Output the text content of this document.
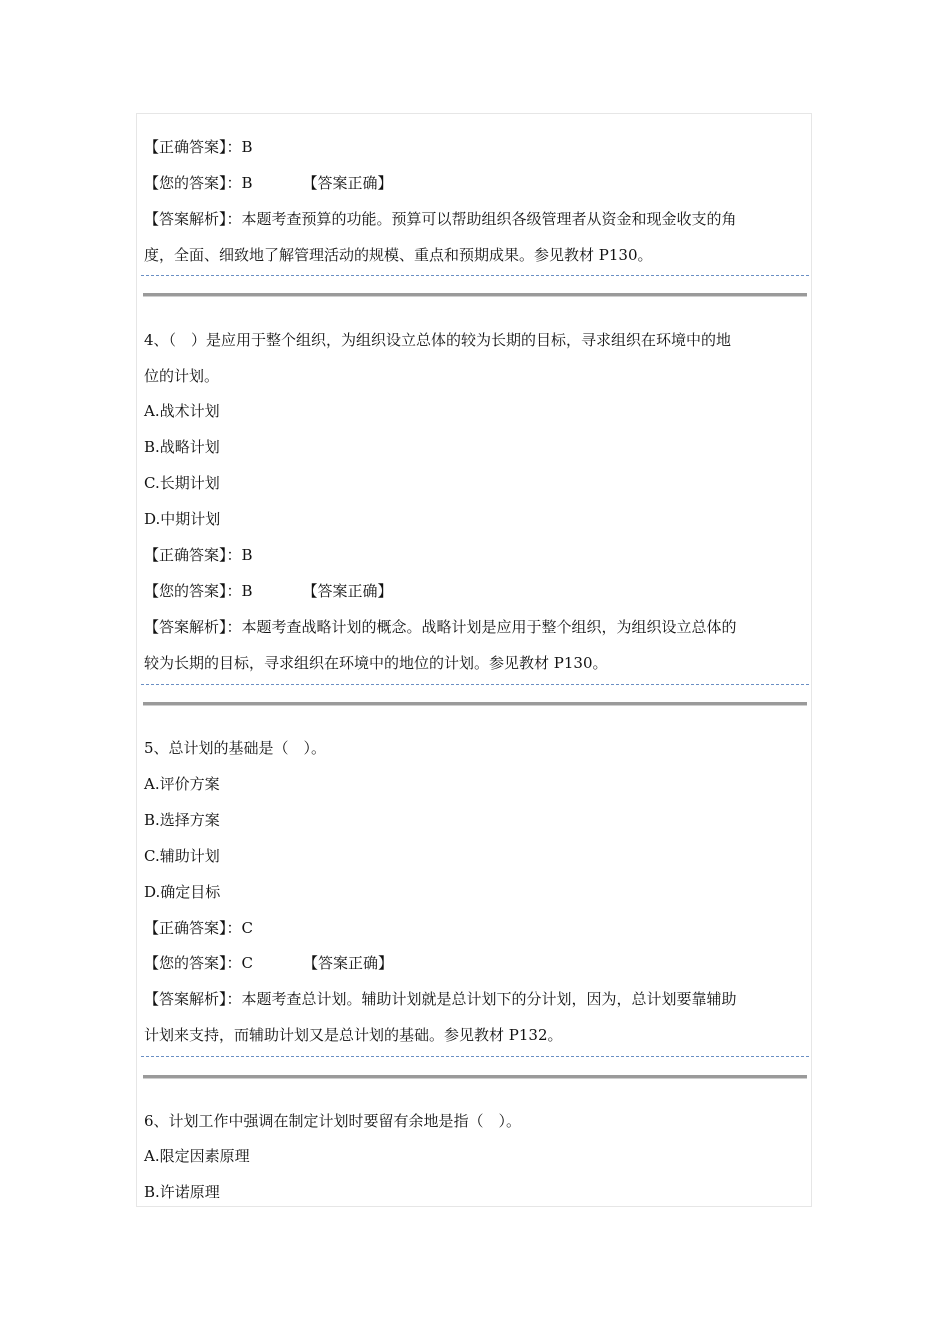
【正确答案】：B
【您的答案】：B	【答案正确】
【答案解析】：本题考查预算的功能。预算可以帮助组织各级管理者从资金和现金收支的角
度，全面、细致地了解管理活动的规模、重点和预期成果。参见教材 P130。
4、（　）是应用于整个组织，为组织设立总体的较为长期的目标，寻求组织在环境中的地
位的计划。
A.战术计划
B.战略计划
C.长期计划
D.中期计划
【正确答案】：B
【您的答案】：B	【答案正确】
【答案解析】：本题考查战略计划的概念。战略计划是应用于整个组织，为组织设立总体的
较为长期的目标，寻求组织在环境中的地位的计划。参见教材 P130。
5、总计划的基础是（　）。
A.评价方案
B.选择方案
C.辅助计划
D.确定目标
【正确答案】：C
【您的答案】：C	【答案正确】
【答案解析】：本题考查总计划。辅助计划就是总计划下的分计划，因为，总计划要靠辅助
计划来支持，而辅助计划又是总计划的基础。参见教材 P132。
6、计划工作中强调在制定计划时要留有余地是指（　）。
A.限定因素原理
B.许诺原理
